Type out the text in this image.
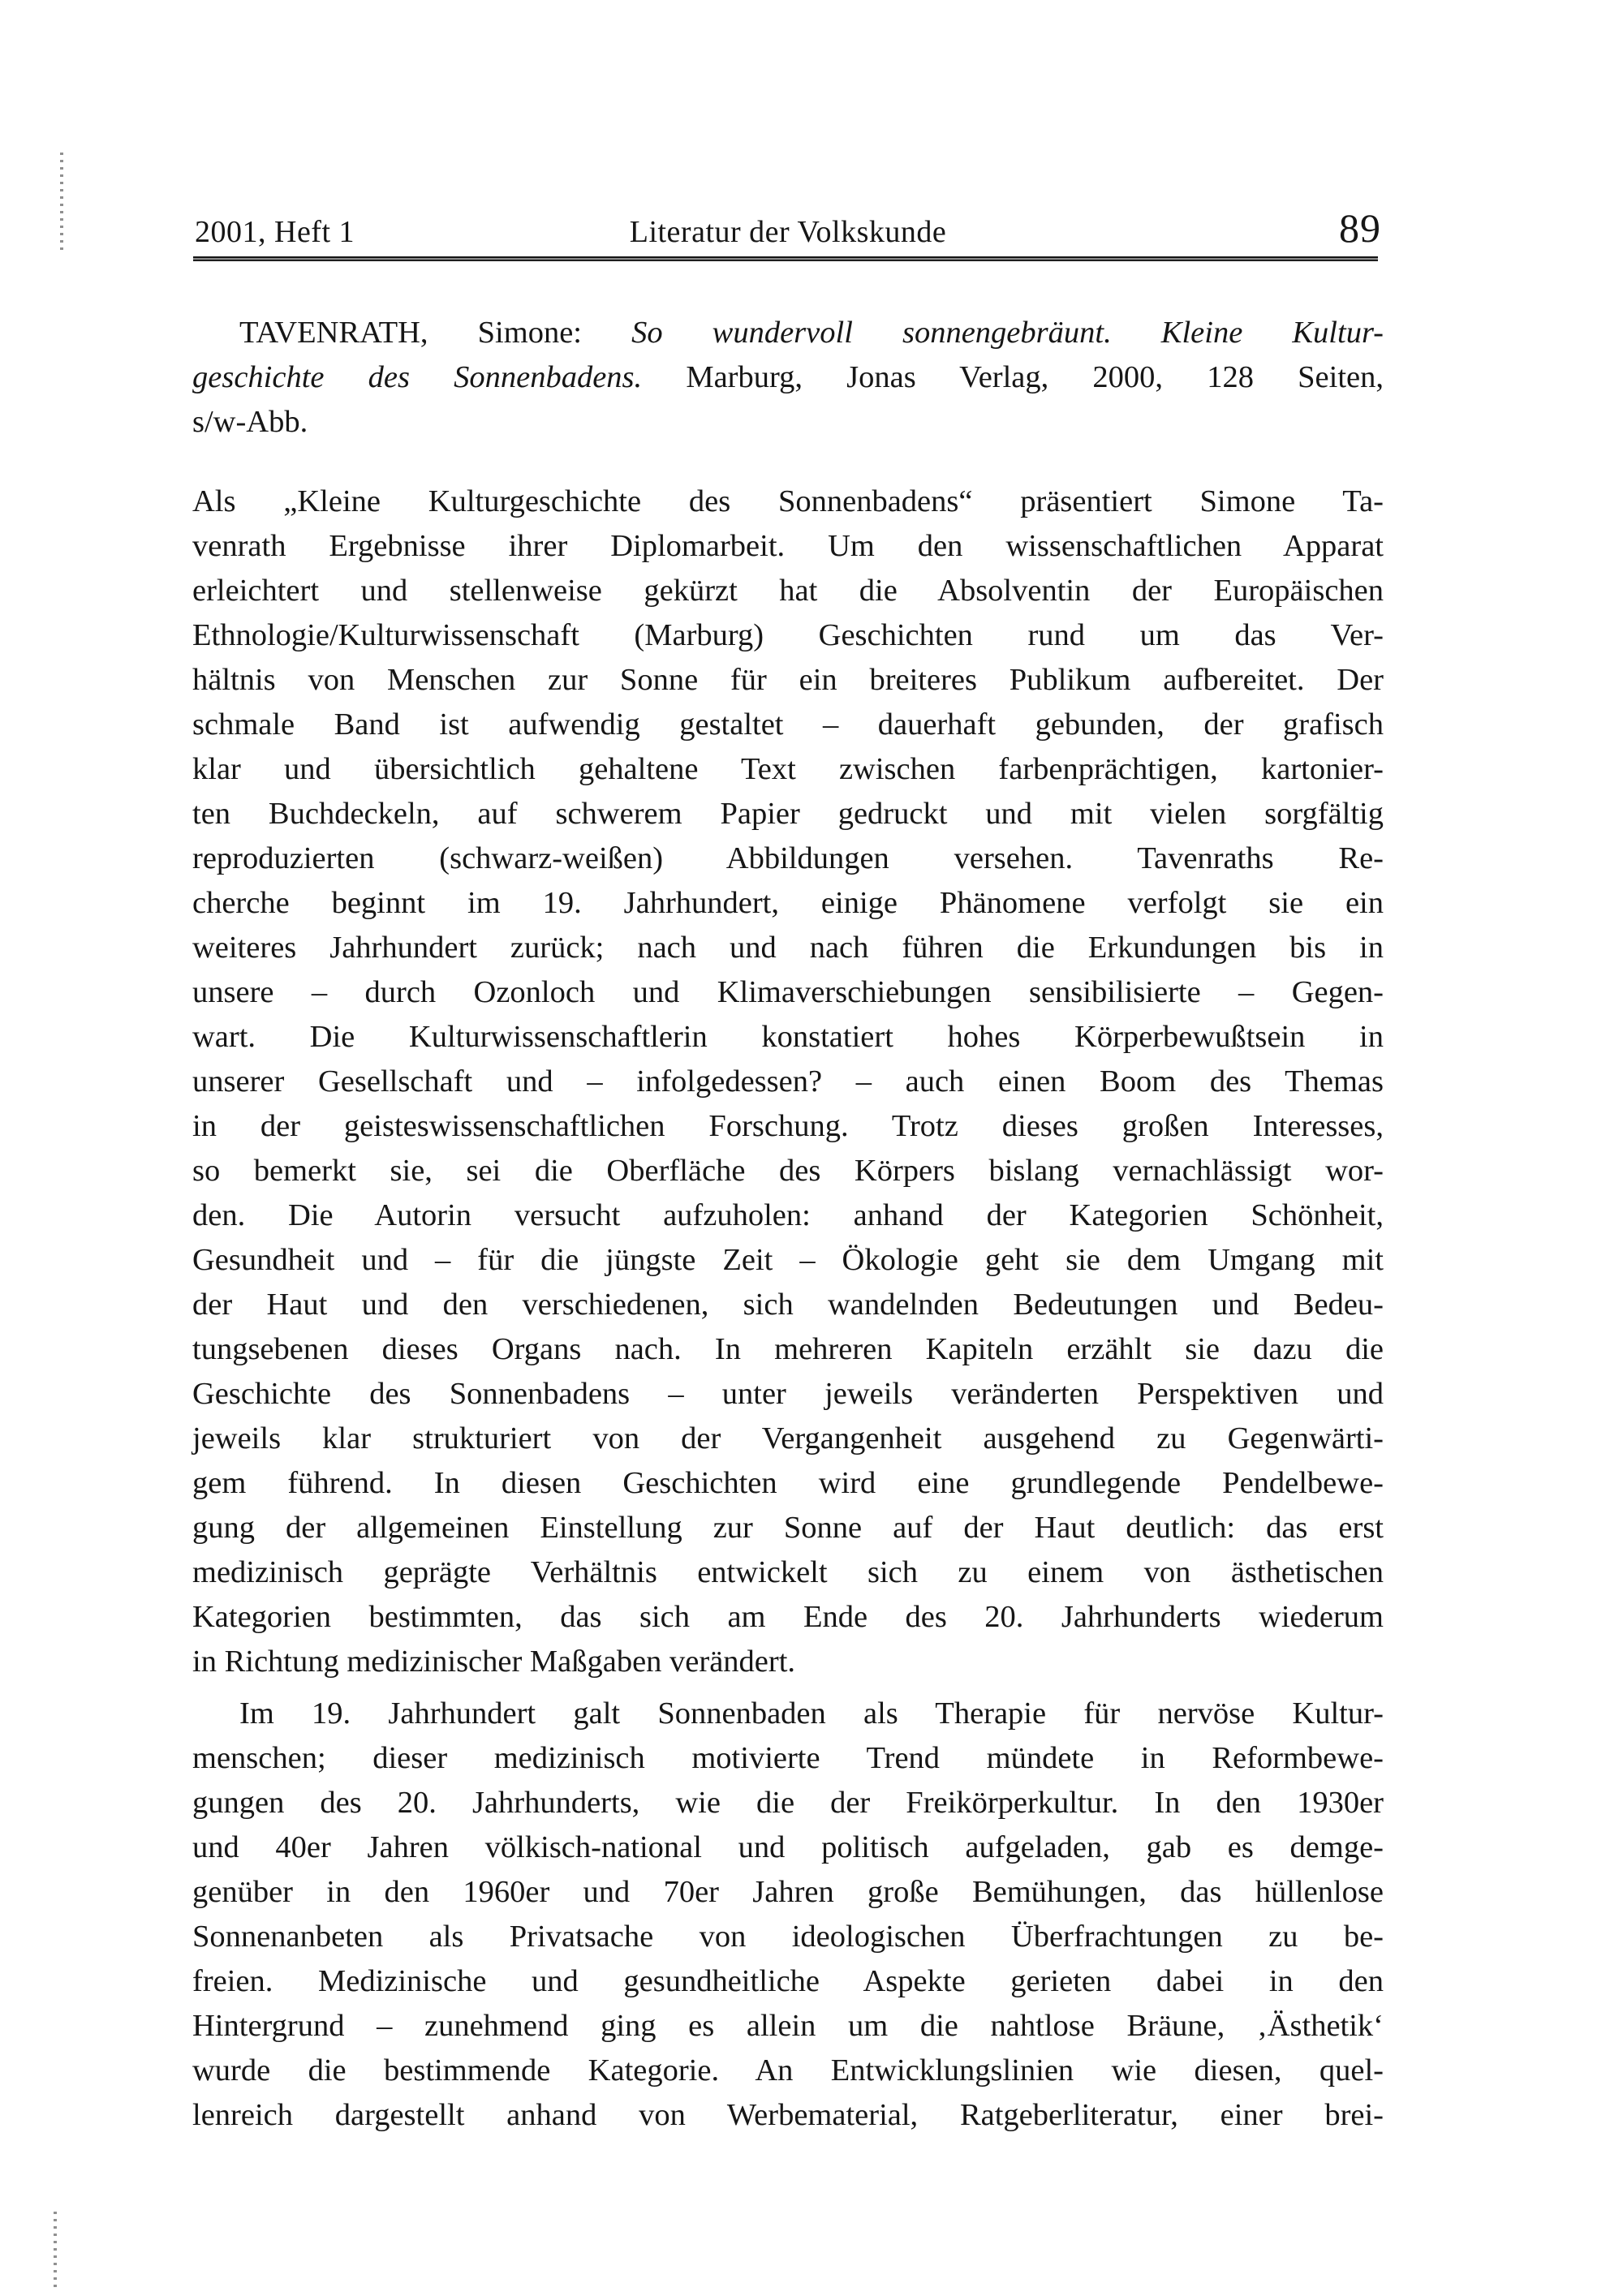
2001, Heft 1	Literatur der Volkskunde	89
TAVENRATH, Simone: So wundervoll sonnengebräunt. Kleine Kultur-
geschichte des Sonnenbadens. Marburg, Jonas Verlag, 2000, 128 Seiten,
s/w-Abb.
Als „Kleine Kulturgeschichte des Sonnenbadens“ präsentiert Simone Ta-
venrath Ergebnisse ihrer Diplomarbeit. Um den wissenschaftlichen Apparat
erleichtert und stellenweise gekürzt hat die Absolventin der Europäischen
Ethnologie/Kulturwissenschaft (Marburg) Geschichten rund um das Ver-
hältnis von Menschen zur Sonne für ein breiteres Publikum aufbereitet. Der
schmale Band ist aufwendig gestaltet – dauerhaft gebunden, der grafisch
klar und übersichtlich gehaltene Text zwischen farbenprächtigen, kartonier-
ten Buchdeckeln, auf schwerem Papier gedruckt und mit vielen sorgfältig
reproduzierten (schwarz-weißen) Abbildungen versehen. Tavenraths Re-
cherche beginnt im 19. Jahrhundert, einige Phänomene verfolgt sie ein
weiteres Jahrhundert zurück; nach und nach führen die Erkundungen bis in
unsere – durch Ozonloch und Klimaverschiebungen sensibilisierte – Gegen-
wart. Die Kulturwissenschaftlerin konstatiert hohes Körperbewußtsein in
unserer Gesellschaft und – infolgedessen? – auch einen Boom des Themas
in der geisteswissenschaftlichen Forschung. Trotz dieses großen Interesses,
so bemerkt sie, sei die Oberfläche des Körpers bislang vernachlässigt wor-
den. Die Autorin versucht aufzuholen: anhand der Kategorien Schönheit,
Gesundheit und – für die jüngste Zeit – Ökologie geht sie dem Umgang mit
der Haut und den verschiedenen, sich wandelnden Bedeutungen und Bedeu-
tungsebenen dieses Organs nach. In mehreren Kapiteln erzählt sie dazu die
Geschichte des Sonnenbadens – unter jeweils veränderten Perspektiven und
jeweils klar strukturiert von der Vergangenheit ausgehend zu Gegenwärti-
gem führend. In diesen Geschichten wird eine grundlegende Pendelbewe-
gung der allgemeinen Einstellung zur Sonne auf der Haut deutlich: das erst
medizinisch geprägte Verhältnis entwickelt sich zu einem von ästhetischen
Kategorien bestimmten, das sich am Ende des 20. Jahrhunderts wiederum
in Richtung medizinischer Maßgaben verändert.
Im 19. Jahrhundert galt Sonnenbaden als Therapie für nervöse Kultur-
menschen; dieser medizinisch motivierte Trend mündete in Reformbewe-
gungen des 20. Jahrhunderts, wie die der Freikörperkultur. In den 1930er
und 40er Jahren völkisch-national und politisch aufgeladen, gab es demge-
genüber in den 1960er und 70er Jahren große Bemühungen, das hüllenlose
Sonnenanbeten als Privatsache von ideologischen Überfrachtungen zu be-
freien. Medizinische und gesundheitliche Aspekte gerieten dabei in den
Hintergrund – zunehmend ging es allein um die nahtlose Bräune, ‚Ästhetik‘
wurde die bestimmende Kategorie. An Entwicklungslinien wie diesen, quel-
lenreich dargestellt anhand von Werbematerial, Ratgeberliteratur, einer brei-
